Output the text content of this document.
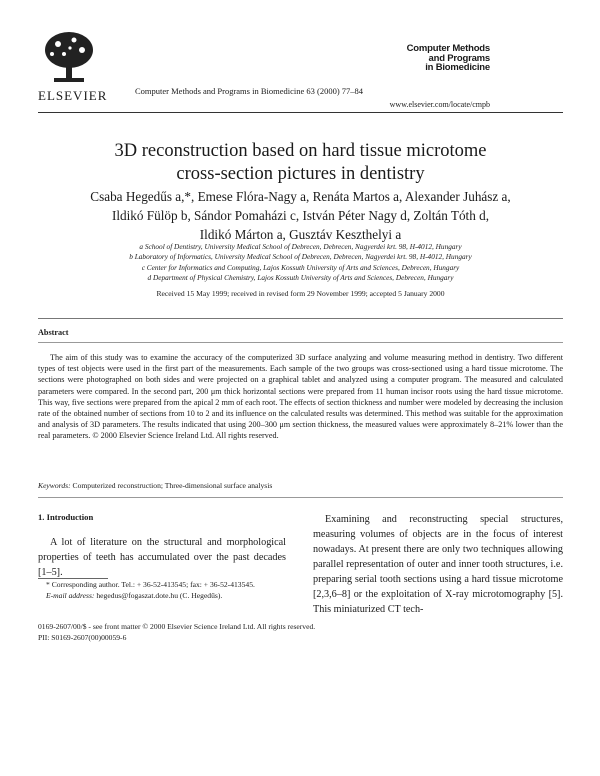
ELSEVIER	Computer Methods and Programs in Biomedicine 63 (2000) 77–84
Computer Methods
and Programs
in Biomedicine
www.elsevier.com/locate/cmpb
3D reconstruction based on hard tissue microtome
cross-section pictures in dentistry
Csaba Hegedűs a,*, Emese Flóra-Nagy a, Renáta Martos a, Alexander Juhász a,
Ildikó Fülöp b, Sándor Pomaházi c, István Péter Nagy d, Zoltán Tóth d,
Ildikó Márton a, Gusztáv Keszthelyi a
a School of Dentistry, University Medical School of Debrecen, Debrecen, Nagyerdei krt. 98, H-4012, Hungary
b Laboratory of Informatics, University Medical School of Debrecen, Debrecen, Nagyerdei krt. 98, H-4012, Hungary
c Center for Informatics and Computing, Lajos Kossuth University of Arts and Sciences, Debrecen, Hungary
d Department of Physical Chemistry, Lajos Kossuth University of Arts and Sciences, Debrecen, Hungary
Received 15 May 1999; received in revised form 29 November 1999; accepted 5 January 2000
Abstract

The aim of this study was to examine the accuracy of the computerized 3D surface analyzing and volume measuring method in dentistry. Two different types of test objects were used in the first part of the measurements. Each sample of the two groups was cross-sectioned using a hard tissue microtome. The sections were photographed on both sides and were projected on a graphical tablet and analyzed using a computer program. The measured and calculated parameters were compared. In the second part, 200 μm thick horizontal sections were prepared from 11 human incisor roots using the hard tissue microtome. This way, five sections were prepared from the apical 2 mm of each root. The effects of section thickness and number were modeled by decreasing the inclusion rate of the obtained number of sections from 10 to 2 and its influence on the calculated results was determined. This method was suitable for the approximation and analysis of 3D parameters. The results indicated that using 200–300 μm section thickness, the measured values were approximately 8–21% lower than the real parameters. © 2000 Elsevier Science Ireland Ltd. All rights reserved.

Keywords: Computerized reconstruction; Three-dimensional surface analysis
1. Introduction

A lot of literature on the structural and morphological properties of teeth has accumulated over the past decades [1–5].

Examining and reconstructing special structures, measuring volumes of objects are in the focus of interest nowadays. At present there are only two techniques allowing parallel representation of outer and inner tooth structures, i.e. preparing serial tooth sections using a hard tissue microtome [2,3,6–8] or the exploitation of X-ray microtomography [5]. This miniaturized CT tech-

* Corresponding author. Tel.: + 36-52-413545; fax: + 36-52-413545.

E-mail address: hegedus@fogaszat.dote.hu (C. Hegedűs).

0169-2607/00/$ - see front matter © 2000 Elsevier Science Ireland Ltd. All rights reserved.
PII: S0169-2607(00)00059-6
